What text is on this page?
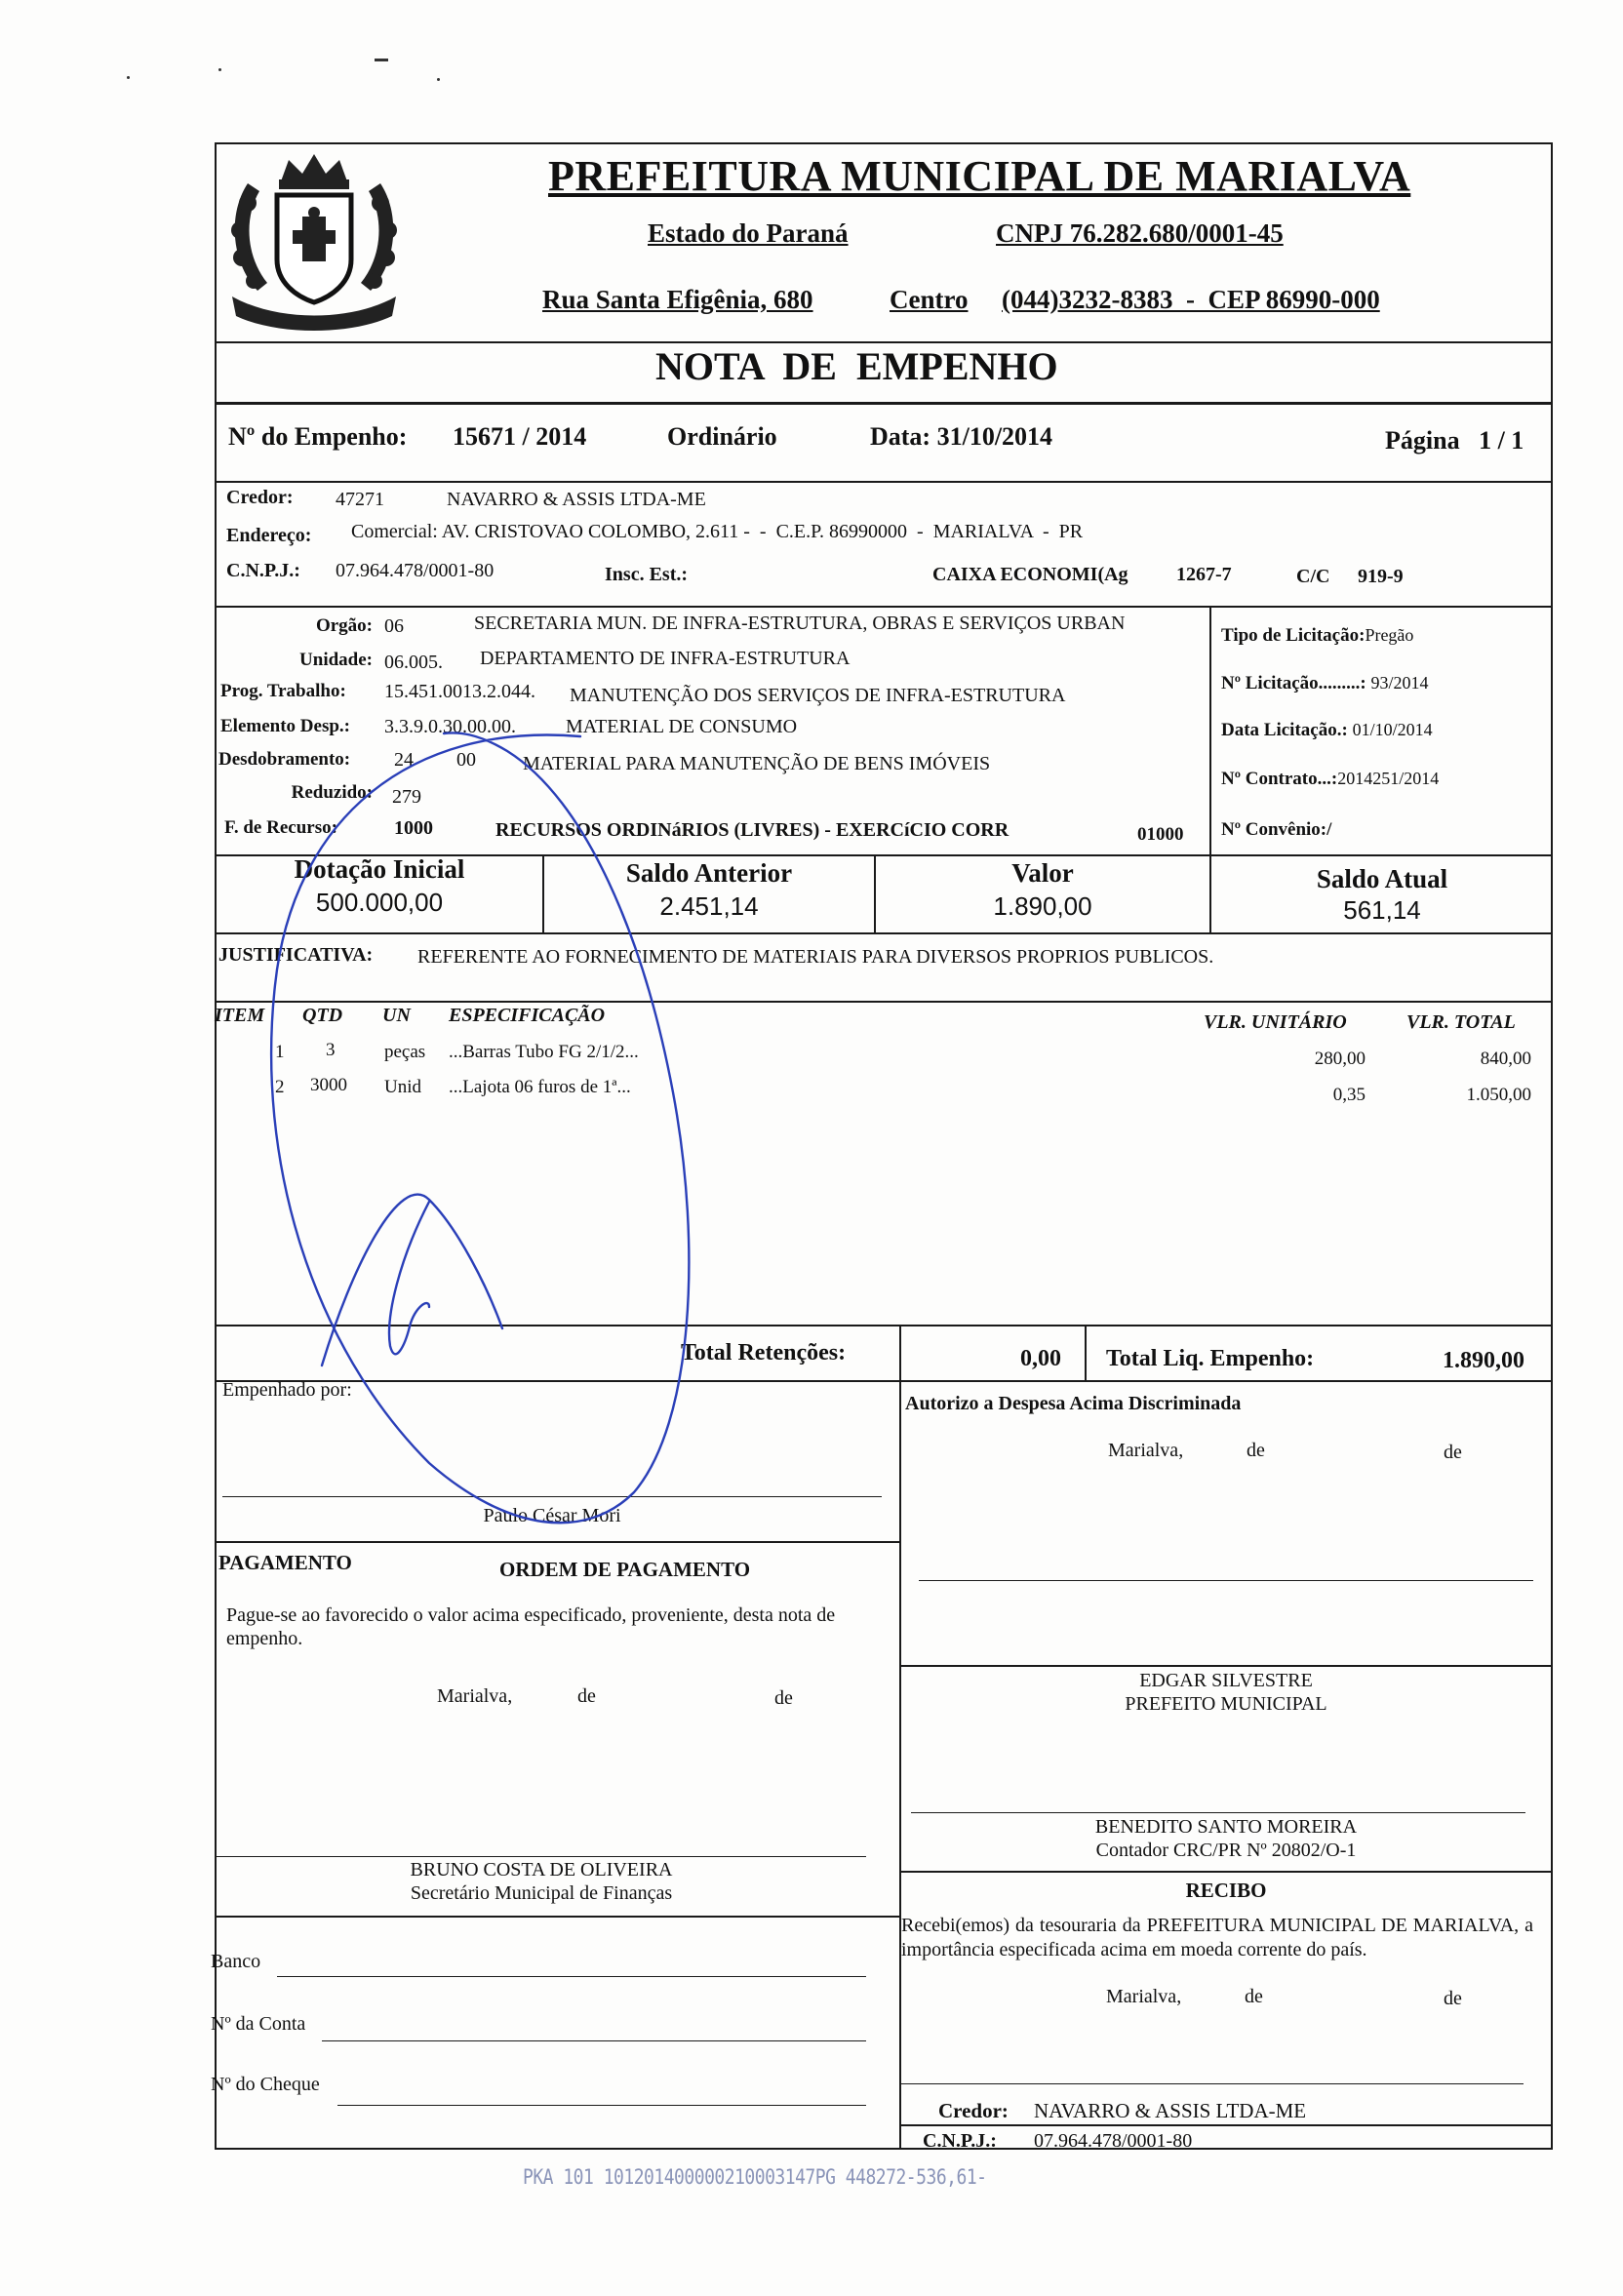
PREFEITURA MUNICIPAL DE MARIALVA
Estado do Paraná	CNPJ 76.282.680/0001-45
Rua Santa Efigênia, 680	Centro (044)3232-8383  -  CEP 86990-000
NOTA  DE  EMPENHO
Nº do Empenho: 15671 / 2014	Ordinário	Data: 31/10/2014	Página   1 / 1
Credor: 47271	NAVARRO & ASSIS LTDA-ME
Endereço: Comercial: AV. CRISTOVAO COLOMBO, 2.611 -  -  C.E.P. 86990000  -  MARIALVA  -  PR
C.N.P.J.: 07.964.478/0001-80	Insc. Est.:	CAIXA ECONOMI(Ag 1267-7	C/C 919-9
Orgão: 06	SECRETARIA MUN. DE INFRA-ESTRUTURA, OBRAS E SERVIÇOS URBAN
Unidade: 06.005. DEPARTAMENTO DE INFRA-ESTRUTURA
Prog. Trabalho: 15.451.0013.2.044. MANUTENÇÃO DOS SERVIÇOS DE INFRA-ESTRUTURA
Elemento Desp.: 3.3.9.0.30.00.00.	MATERIAL DE CONSUMO
Desdobramento: 24 00 MATERIAL PARA MANUTENÇÃO DE BENS IMÓVEIS
Reduzido: 279
F. de Recurso:	1000	RECURSOS ORDINáRIOS (LIVRES) - EXERCíCIO CORR	01000
Tipo de Licitação:Pregão
Nº Licitação.........: 93/2014
Data Licitação.: 01/10/2014
Nº Contrato...:2014251/2014
Nº Convênio:/
Dotação Inicial
500.000,00
Saldo Anterior
2.451,14
Valor
1.890,00
Saldo Atual
561,14
JUSTIFICATIVA: REFERENTE AO FORNECIMENTO DE MATERIAIS PARA DIVERSOS PROPRIOS PUBLICOS.
ITEM QTD UN ESPECIFICAÇÃO	VLR. UNITÁRIO	VLR. TOTAL
1 3	peças ...Barras Tubo FG 2/1/2...	280,00	840,00
2 3000 Unid ...Lajota 06 furos de 1ª...	0,35	1.050,00
Total Retenções:	0,00 Total Liq. Empenho:	1.890,00
Empenhado por:
Paulo César Mori
PAGAMENTO	ORDEM DE PAGAMENTO
Pague-se ao favorecido o valor acima especificado, proveniente, desta nota de empenho.
Marialva,	de	de
BRUNO COSTA DE OLIVEIRA
Secretário Municipal de Finanças
Banco
Nº da Conta
Nº do Cheque
Autorizo a Despesa Acima Discriminada
Marialva,	de	de
EDGAR SILVESTRE
PREFEITO MUNICIPAL
BENEDITO SANTO MOREIRA
Contador CRC/PR Nº 20802/O-1
RECIBO
Recebi(emos) da tesouraria da PREFEITURA MUNICIPAL DE MARIALVA, a importância especificada acima em moeda corrente do país.
Marialva,	de	de
Credor: NAVARRO & ASSIS LTDA-ME
C.N.P.J.: 07.964.478/0001-80
PKA 101 101201400000210003147PG 448272-536,61-
